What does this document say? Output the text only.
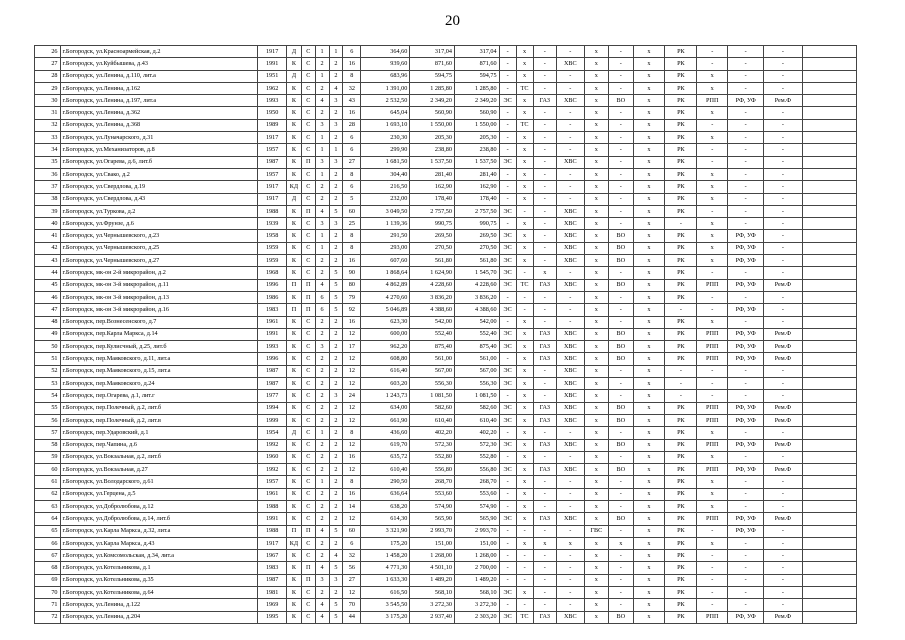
20
26	г.Богородск, ул.Красноармейская, д.2	1917	Д	С	1	1	6	364,60	317,04	317,04	-	х	-	-	х	-	х	РК	-	-	-	
27	г.Богородск, ул.Куйбышева, д.43	1991	К	С	2	2	16	939,60	871,60	871,60	-	х	-	ХВС	х	-	х	РК	-	-	-	
28	г.Богородск, ул.Ленина, д.110, лит.а	1951	Д	С	1	2	8	683,96	594,75	594,75	-	х	-	-	х	-	х	РК	х	-	-	
29	г.Богородск, ул.Ленина, д.162	1962	К	С	2	4	32	1 391,00	1 285,80	1 285,80	-	ТС	-	-	х	-	х	РК	х	-	-	
30	г.Богородск, ул.Ленина, д.197, лит.а	1993	К	С	4	3	43	2 532,50	2 349,20	2 349,20	ЭС	х	ГАЗ	ХВС	х	ВО	х	РК	РПП	РФ, УФ	Рем.Ф	
31	г.Богородск, ул.Ленина, д.362	1950	К	С	2	2	16	645,04	560,90	560,90	-	х	-	-	х	-	х	РК	х	-	-	
32	г.Богородск, ул.Ленина, д.368	1989	К	С	3	3	28	1 693,10	1 550,00	1 550,00	-	ТС	-	-	х	-	х	РК	-	-	-	
33	г.Богородск, ул.Луначарского, д.31	1917	К	С	1	2	6	230,30	205,30	205,30	-	х	-	-	х	-	х	РК	х	-	-	
34	г.Богородск, ул.Механизаторов, д.8	1957	К	С	1	1	6	299,90	238,80	238,80	-	х	-	-	х	-	х	РК	-	-	-	
35	г.Богородск, ул.Огарева, д.6, лит.б	1987	К	П	3	3	27	1 681,50	1 537,50	1 537,50	ЭС	х	-	ХВС	х	-	х	РК	-	-	-	
36	г.Богородск, ул.Свако, д.2	1957	К	С	1	2	8	304,40	281,40	281,40	-	х	-	-	х	-	х	РК	х	-	-	
37	г.Богородск, ул.Свердлова, д.19	1917	КД	С	2	2	6	216,50	162,90	162,90	-	х	-	-	х	-	х	РК	х	-	-	
38	г.Богородск, ул.Свердлова, д.43	1917	Д	С	2	2	5	232,00	178,40	178,40	-	х	-	-	х	-	х	РК	х	-	-	
39	г.Богородск, ул.Туркова, д.2	1988	К	П	4	5	60	3 049,50	2 757,50	2 757,50	ЭС	-	-	ХВС	х	-	х	РК	-	-	-	
40	г.Богородск, ул.Фрунзе, д.6	1939	К	С	3	3	25	1 139,36	990,75	990,75	-	х	-	ХВС	х	-	х	-	х	-	-	
41	г.Богородск, ул.Чернышевского, д.23	1958	К	С	1	2	8	291,50	269,50	269,50	ЭС	х	-	ХВС	х	ВО	х	РК	х	РФ, УФ	-	
42	г.Богородск, ул.Чернышевского, д.25	1959	К	С	1	2	8	293,00	270,50	270,50	ЭС	х	-	ХВС	х	ВО	х	РК	х	РФ, УФ	-	
43	г.Богородск, ул.Чернышевского, д.27	1959	К	С	2	2	16	607,60	561,80	561,80	ЭС	х	-	ХВС	х	ВО	х	РК	х	РФ, УФ	-	
44	г.Богородск, мк-он 2-й микрорайон, д.2	1968	К	С	2	5	90	1 868,64	1 624,90	1 545,70	ЭС	-	х	-	х	-	х	РК	-	-	-	
45	г.Богородск, мк-он 3-й микрорайон, д.11	1996	П	П	4	5	80	4 862,89	4 228,60	4 228,60	ЭС	ТС	ГАЗ	ХВС	х	ВО	х	РК	РПП	РФ, УФ	Рем.Ф	
46	г.Богородск, мк-он 3-й микрорайон, д.13	1986	К	П	6	5	79	4 270,60	3 836,20	3 836,20	-	-	-	-	х	-	х	РК	-	-	-	
47	г.Богородск, мк-он 3-й микрорайон, д.16	1983	П	П	6	5	92	5 046,89	4 388,60	4 388,60	ЭС	-	-	-	х	-	х	-	-	РФ, УФ	-	
48	г.Богородск, пер.Вознесенского, д.7	1961	К	С	2	2	16	623,30	542,00	542,00	-	х	-	-	х	-	х	РК	х	-	-	
49	г.Богородск, пер.Карла Маркса, д.14	1991	К	С	2	2	12	600,00	552,40	552,40	ЭС	х	ГАЗ	ХВС	х	ВО	х	РК	РПП	РФ, УФ	Рем.Ф	
50	г.Богородск, пер.Кулисчный, д.25, лит.б	1993	К	С	3	2	17	962,20	875,40	875,40	ЭС	х	ГАЗ	ХВС	х	ВО	х	РК	РПП	РФ, УФ	Рем.Ф	
51	г.Богородск, пер.Маяковского, д.11, лит.а	1996	К	С	2	2	12	608,80	561,00	561,00	-	х	ГАЗ	ХВС	х	ВО	х	РК	РПП	РФ, УФ	Рем.Ф	
52	г.Богородск, пер.Маяковского, д.15, лит.а	1987	К	С	2	2	12	616,40	567,00	567,00	ЭС	х	-	ХВС	х	-	х	-	-	-	-	
53	г.Богородск, пер.Маяковского, д.24	1987	К	С	2	2	12	603,20	556,30	556,30	ЭС	х	-	ХВС	х	-	х	-	-	-	-	
54	г.Богородск, пер.Огарева, д.1, лит.г	1977	К	С	2	3	24	1 243,73	1 081,50	1 081,50	-	х	-	ХВС	х	-	х	-	-	-	-	
55	г.Богородск, пер.Полечный, д.2, лит.б	1994	К	С	2	2	12	634,00	582,60	582,60	ЭС	х	ГАЗ	ХВС	х	ВО	х	РК	РПП	РФ, УФ	Рем.Ф	
56	г.Богородск, пер.Полечный, д.2, лит.в	1999	К	С	2	2	12	661,90	610,40	610,40	ЭС	х	ГАЗ	ХВС	х	ВО	х	РК	РПП	РФ, УФ	Рем.Ф	
57	г.Богородск, пер.Ударовский, д.1	1954	Д	С	1	2	8	436,60	402,20	402,20	-	х	-	-	х	-	х	РК	х	-	-	
58	г.Богородск, пер.Чапина, д.6	1992	К	С	2	2	12	619,70	572,30	572,30	ЭС	х	ГАЗ	ХВС	х	ВО	х	РК	РПП	РФ, УФ	Рем.Ф	
59	г.Богородск, ул.Вокзальная, д.2, лит.б	1960	К	С	2	2	16	635,72	552,80	552,80	-	х	-	-	х	-	х	РК	х	-	-	
60	г.Богородск, ул.Вокзальная, д.27	1992	К	С	2	2	12	610,40	556,80	556,80	ЭС	х	ГАЗ	ХВС	х	ВО	х	РК	РПП	РФ, УФ	Рем.Ф	
61	г.Богородск, ул.Володарского, д.61	1957	К	С	1	2	8	290,50	268,70	268,70	-	х	-	-	х	-	х	РК	х	-	-	
62	г.Богородск, ул.Герцена, д.5	1961	К	С	2	2	16	636,64	553,60	553,60	-	х	-	-	х	-	х	РК	х	-	-	
63	г.Богородск, ул.Добролюбова, д.12	1988	К	С	2	2	14	638,20	574,90	574,90	-	х	-	-	х	-	х	РК	х	-	-	
64	г.Богородск, ул.Добролюбова, д.14, лит.б	1991	К	С	2	2	12	614,30	565,90	565,90	ЭС	х	ГАЗ	ХВС	х	ВО	х	РК	РПП	РФ, УФ	Рем.Ф	
65	г.Богородск, ул.Карла Маркса, д.32, лит.а	1988	П	П	4	5	60	3 321,90	2 993,70	2 993,70	-	-	-	-	ГВС	-	х	РК	-	РФ, УФ	-	
66	г.Богородск, ул.Карла Маркса, д.43	1917	КД	С	2	2	6	175,20	151,00	151,00	-	х	х	х	х	х	х	РК	х	-	-	
67	г.Богородск, ул.Комсомольская, д.34, лит.а	1967	К	С	2	4	32	1 458,20	1 268,00	1 268,00	-	-	-	-	х	-	х	РК	-	-	-	
68	г.Богородск, ул.Котельникова, д.1	1983	К	П	4	5	56	4 771,30	4 501,10	2 700,00	-	-	-	-	х	-	х	РК	-	-	-	
69	г.Богородск, ул.Котельникова, д.35	1987	К	П	3	3	27	1 633,30	1 489,20	1 489,20	-	-	-	-	х	-	х	РК	-	-	-	
70	г.Богородск, ул.Котельникова, д.64	1981	К	С	2	2	12	616,50	568,10	568,10	ЭС	х	-	-	х	-	х	РК	-	-	-	
71	г.Богородск, ул.Ленина, д.122	1969	К	С	4	5	70	3 545,50	3 272,30	3 272,30	-	-	-	-	х	-	х	РК	-	-	-	
72	г.Богородск, ул.Ленина, д.204	1995	К	С	4	5	44	3 175,20	2 937,40	2 303,20	ЭС	ТС	ГАЗ	ХВС	х	ВО	х	РК	РПП	РФ, УФ	Рем.Ф	
